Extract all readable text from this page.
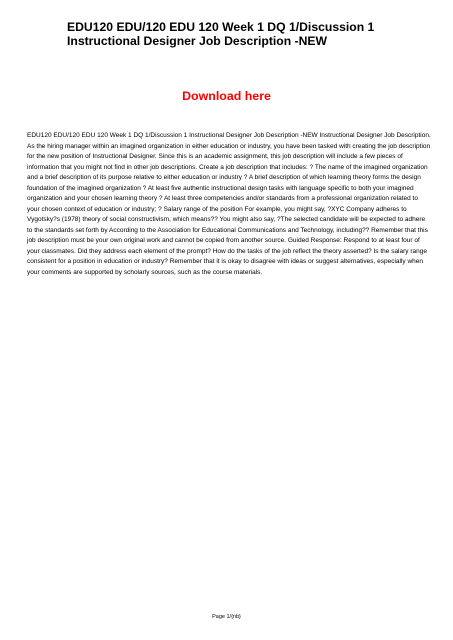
EDU120 EDU/120 EDU 120 Week 1 DQ 1/Discussion 1 Instructional Designer Job Description -NEW
Download here

EDU120 EDU/120 EDU 120 Week 1 DQ 1/Discussion 1 Instructional Designer Job Description -NEW Instructional Designer Job Description. As the hiring manager within an imagined organization in either education or industry, you have been tasked with creating the job description for the new position of Instructional Designer. Since this is an academic assignment, this job description will include a few pieces of information that you might not find in other job descriptions. Create a job description that includes: ? The name of the imagined organization and a brief description of its purpose relative to either education or industry ? A brief description of which learning theory forms the design foundation of the imagined organization ? At least five authentic instructional design tasks with language specific to both your imagined organization and your chosen learning theory ? At least three competencies and/or standards from a professional organization related to your chosen context of education or industry; ? Salary range of the position For example, you might say, ?XYC Company adheres to Vygotsky?s (1978) theory of social constructivism, which means?? You might also say, ?The selected candidate will be expected to adhere to the standards set forth by According to the Association for Educational Communications and Technology, including?? Remember that this job description must be your own original work and cannot be copied from another source. Guided Response: Respond to at least four of your classmates. Did they address each element of the prompt? How do the tasks of the job reflect the theory asserted? Is the salary range consistent for a position in education or industry? Remember that it is okay to disagree with ideas or suggest alternatives, especially when your comments are supported by scholarly sources, such as the course materials.

Page 1/{nb}
